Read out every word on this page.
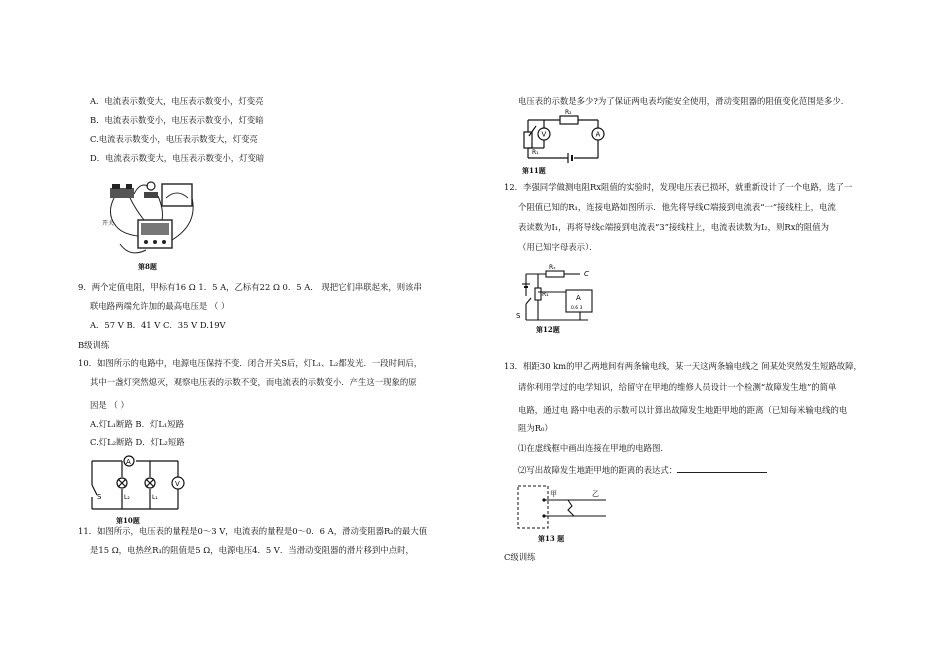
A．电流表示数变大，电压表示数变小，灯变亮
B．电流表示数变小，电压表示数变小，灯变暗
C.电流表示数变小，电压表示数变大，灯变亮
D．电流表示数变大，电压表示数变小，灯变暗
开关
第8题
9．两个定值电阻，甲标有16 Ω 1．5 A，乙标有22 Ω 0．5 A． 现把它们串联起来，则该串
联电路两端允许加的最高电压是 （ ）
A．57 V B．41 V C．35 V D.19V
B级训练
10．如图所示的电路中，电源电压保持不变．闭合开关S后，灯L₁、L₂都发光．一段时间后，
其中一盏灯突然熄灭，观察电压表的示数不变，而电流表的示数变小．产生这一现象的原
因是 （ ）
A.灯L₁断路 B．灯L₁短路
C.灯L₂断路 D．灯L₂短路
A
V
S	L₂	L₁
第10题
11．如图所示，电压表的量程是0～3 V，电流表的量程是0～0．6 A，滑动变阻器R₂的最大值
是15 Ω，电热丝R₁的阻值是5 Ω，电源电压4．5 V．当滑动变阻器的滑片移到中点时，
电压表的示数是多少?为了保证两电表均能安全使用，滑动变阻器的阻值变化范围是多少.
R₂
V	A
R₁
第11题
12．李强同学做测电阻Rx阻值的实验时，发现电压表已损坏，就重新设计了一个电路，选了一
个阻值已知的R₁，连接电路如图所示．他先将导线C端接到电流表“一”接线柱上，电流
表读数为I₁，再将导线c端接到电流表“3”接线柱上，电流表读数为I₂，则Rx的阻值为
（用已知字母表示）．
Rₓ
C
R₁	A
0.6 3
S
第12题
13．相距30 km的甲乙两地间有两条输电线，某一天这两条输电线之 间某处突然发生短路故障，
请你利用学过的电学知识，给留守在甲地的维修人员设计一个检测“故障发生地”的简单
电路，通过电 路中电表的示数可以计算出故障发生地距甲地的距离（已知每米输电线的电
阻为R₀）
⑴在虚线框中画出连接在甲地的电路图.
⑵写出故障发生地距甲地的距离的表达式：
甲	乙
第13 题
C级训练
